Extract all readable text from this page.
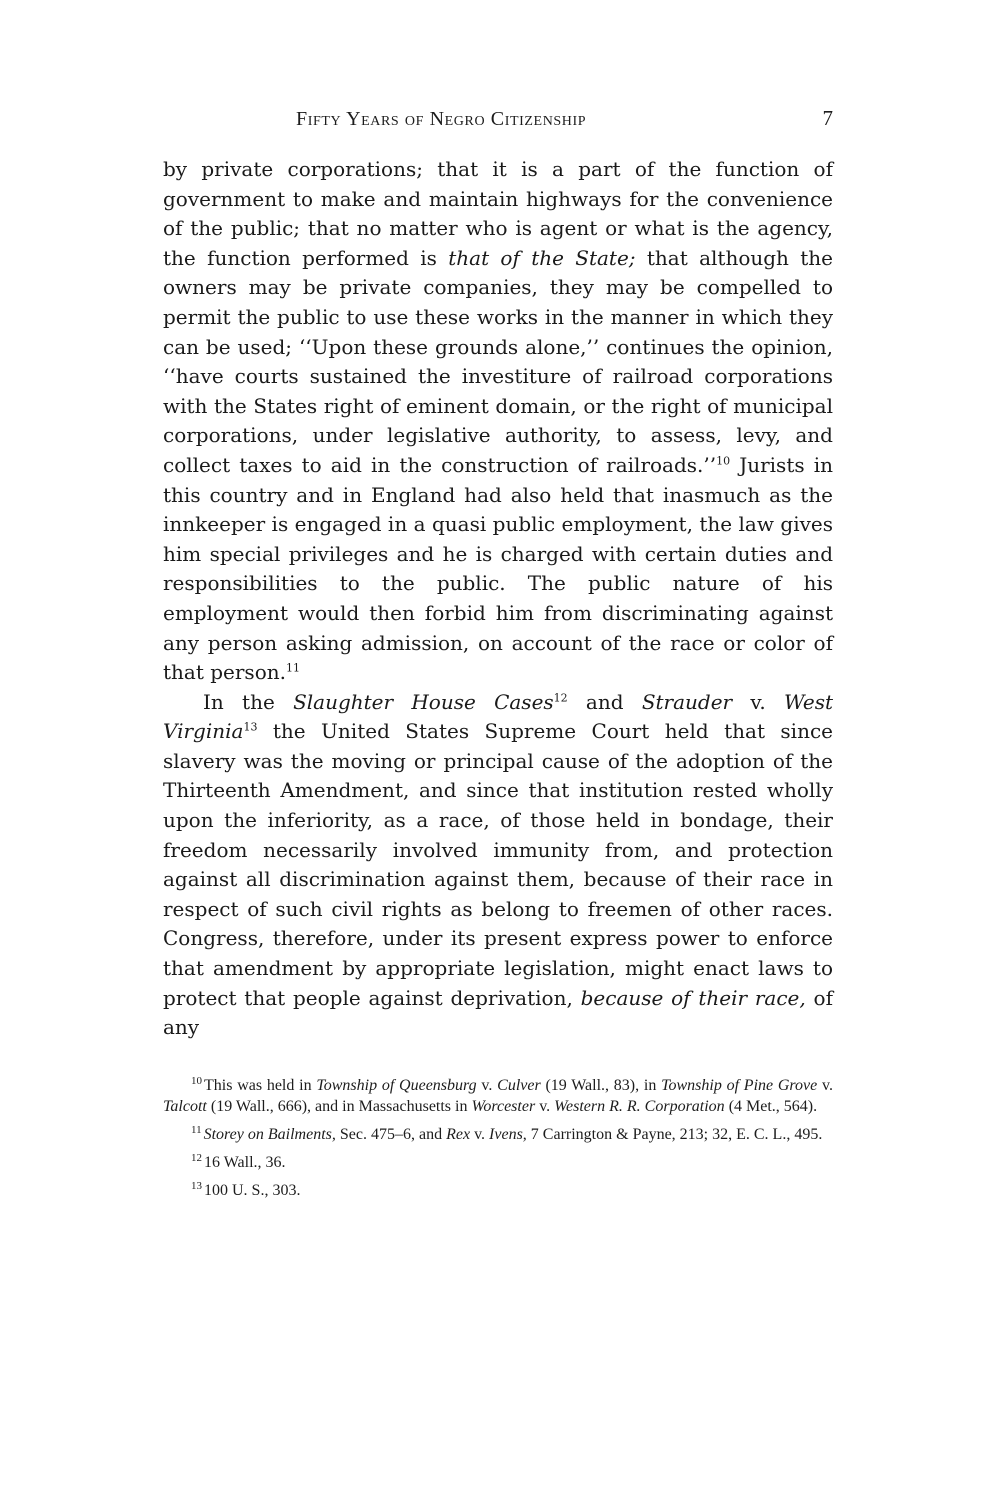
Fifty Years of Negro Citizenship	7

by private corporations; that it is a part of the function of government to make and maintain highways for the convenience of the public; that no matter who is agent or what is the agency, the function performed is that of the State; that although the owners may be private companies, they may be compelled to permit the public to use these works in the manner in which they can be used; ‘‘Upon these grounds alone,’’ continues the opinion, ‘‘have courts sustained the investiture of railroad corporations with the States right of eminent domain, or the right of municipal corporations, under legislative authority, to assess, levy, and collect taxes to aid in the construction of railroads.’’$^{10}$ Jurists in this country and in England had also held that inasmuch as the innkeeper is engaged in a quasi public employment, the law gives him special privileges and he is charged with certain duties and responsibilities to the public. The public nature of his employment would then forbid him from discriminating against any person asking admission, on account of the race or color of that person.$^{11}$

In the Slaughter House Cases$^{12}$ and Strauder v. West Virginia$^{13}$ the United States Supreme Court held that since slavery was the moving or principal cause of the adoption of the Thirteenth Amendment, and since that institution rested wholly upon the inferiority, as a race, of those held in bondage, their freedom necessarily involved immunity from, and protection against all discrimination against them, because of their race in respect of such civil rights as belong to freemen of other races. Congress, therefore, under its present express power to enforce that amendment by appropriate legislation, might enact laws to protect that people against deprivation, because of their race, of any

$^{10}$ This was held in Township of Queensburg v. Culver (19 Wall., 83), in Township of Pine Grove v. Talcott (19 Wall., 666), and in Massachusetts in Worcester v. Western R. R. Corporation (4 Met., 564).

$^{11}$ Storey on Bailments, Sec. 475–6, and Rex v. Ivens, 7 Carrington & Payne, 213; 32, E. C. L., 495.

$^{12}$ 16 Wall., 36.

$^{13}$ 100 U. S., 303.
